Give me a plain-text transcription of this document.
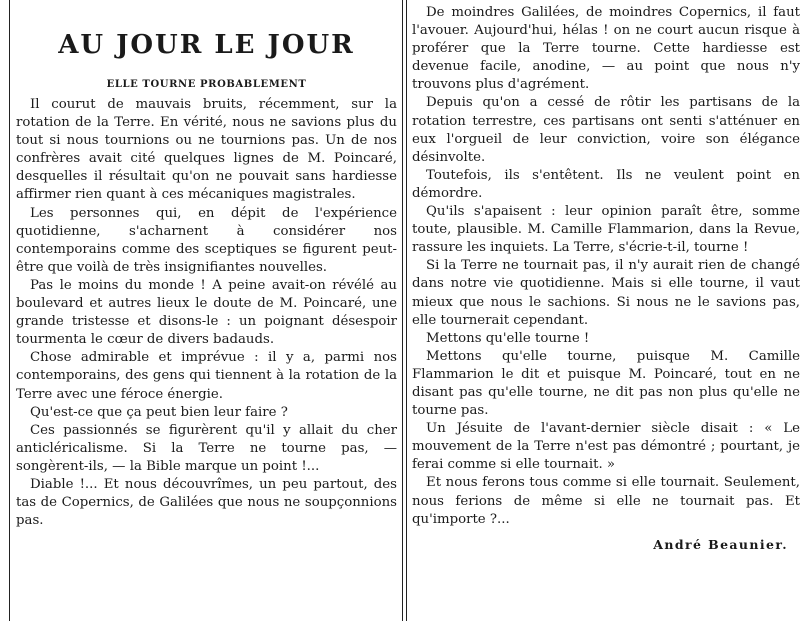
AU JOUR LE JOUR
ELLE TOURNE PROBABLEMENT

Il courut de mauvais bruits, récemment, sur la rotation de la Terre. En vérité, nous ne savions plus du tout si nous tournions ou ne tournions pas. Un de nos confrères avait cité quelques lignes de M. Poincaré, desquelles il résultait qu'on ne pouvait sans hardiesse affirmer rien quant à ces mécaniques magistrales.

Les personnes qui, en dépit de l'expérience quotidienne, s'acharnent à considérer nos contemporains comme des sceptiques se figurent peut-être que voilà de très insignifiantes nouvelles.

Pas le moins du monde ! A peine avait-on révélé au boulevard et autres lieux le doute de M. Poincaré, une grande tristesse et disons-le : un poignant désespoir tourmenta le cœur de divers badauds.

Chose admirable et imprévue : il y a, parmi nos contemporains, des gens qui tiennent à la rotation de la Terre avec une féroce énergie.

Qu'est-ce que ça peut bien leur faire ?

Ces passionnés se figurèrent qu'il y allait du cher anticléricalisme. Si la Terre ne tourne pas, — songèrent-ils, — la Bible marque un point !...

Diable !... Et nous découvrîmes, un peu partout, des tas de Copernics, de Galilées que nous ne soupçonnions pas.

De moindres Galilées, de moindres Copernics, il faut l'avouer. Aujourd'hui, hélas ! on ne court aucun risque à proférer que la Terre tourne. Cette hardiesse est devenue facile, anodine, — au point que nous n'y trouvons plus d'agrément.

Depuis qu'on a cessé de rôtir les partisans de la rotation terrestre, ces partisans ont senti s'atténuer en eux l'orgueil de leur conviction, voire son élégance désinvolte.

Toutefois, ils s'entêtent. Ils ne veulent point en démordre.

Qu'ils s'apaisent : leur opinion paraît être, somme toute, plausible. M. Camille Flammarion, dans la Revue, rassure les inquiets. La Terre, s'écrie-t-il, tourne !

Si la Terre ne tournait pas, il n'y aurait rien de changé dans notre vie quotidienne. Mais si elle tourne, il vaut mieux que nous le sachions. Si nous ne le savions pas, elle tournerait cependant.

Mettons qu'elle tourne !

Mettons qu'elle tourne, puisque M. Camille Flammarion le dit et puisque M. Poincaré, tout en ne disant pas qu'elle tourne, ne dit pas non plus qu'elle ne tourne pas.

Un Jésuite de l'avant-dernier siècle disait : « Le mouvement de la Terre n'est pas démontré ; pourtant, je ferai comme si elle tournait. »

Et nous ferons tous comme si elle tournait. Seulement, nous ferions de même si elle ne tournait pas. Et qu'importe ?...

André Beaunier.
